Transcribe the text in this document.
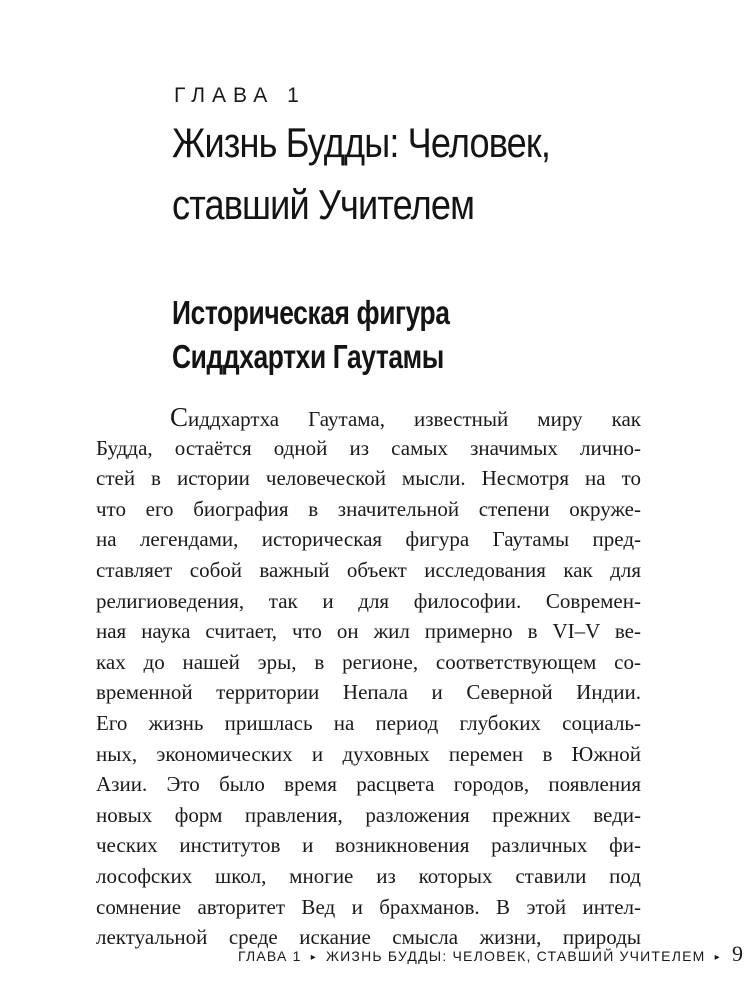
ГЛАВА 1
Жизнь Будды: Человек,
ставший Учителем
Историческая фигура
Сиддхартхи Гаутамы
Сиддхартха Гаутама, известный миру как
Будда, остаётся одной из самых значимых лично-
стей в истории человеческой мысли. Несмотря на то
что его биография в значительной степени окруже-
на легендами, историческая фигура Гаутамы пред-
ставляет собой важный объект исследования как для
религиоведения, так и для философии. Современ-
ная наука считает, что он жил примерно в VI–V ве-
ках до нашей эры, в регионе, соответствующем со-
временной территории Непала и Северной Индии.
Его жизнь пришлась на период глубоких социаль-
ных, экономических и духовных перемен в Южной
Азии. Это было время расцвета городов, появления
новых форм правления, разложения прежних веди-
ческих институтов и возникновения различных фи-
лософских школ, многие из которых ставили под
сомнение авторитет Вед и брахманов. В этой интел-
лектуальной среде искание смысла жизни, природы
ГЛАВА 1 ▸ ЖИЗНЬ БУДДЫ: ЧЕЛОВЕК, СТАВШИЙ УЧИТЕЛЕМ ▸ 9
